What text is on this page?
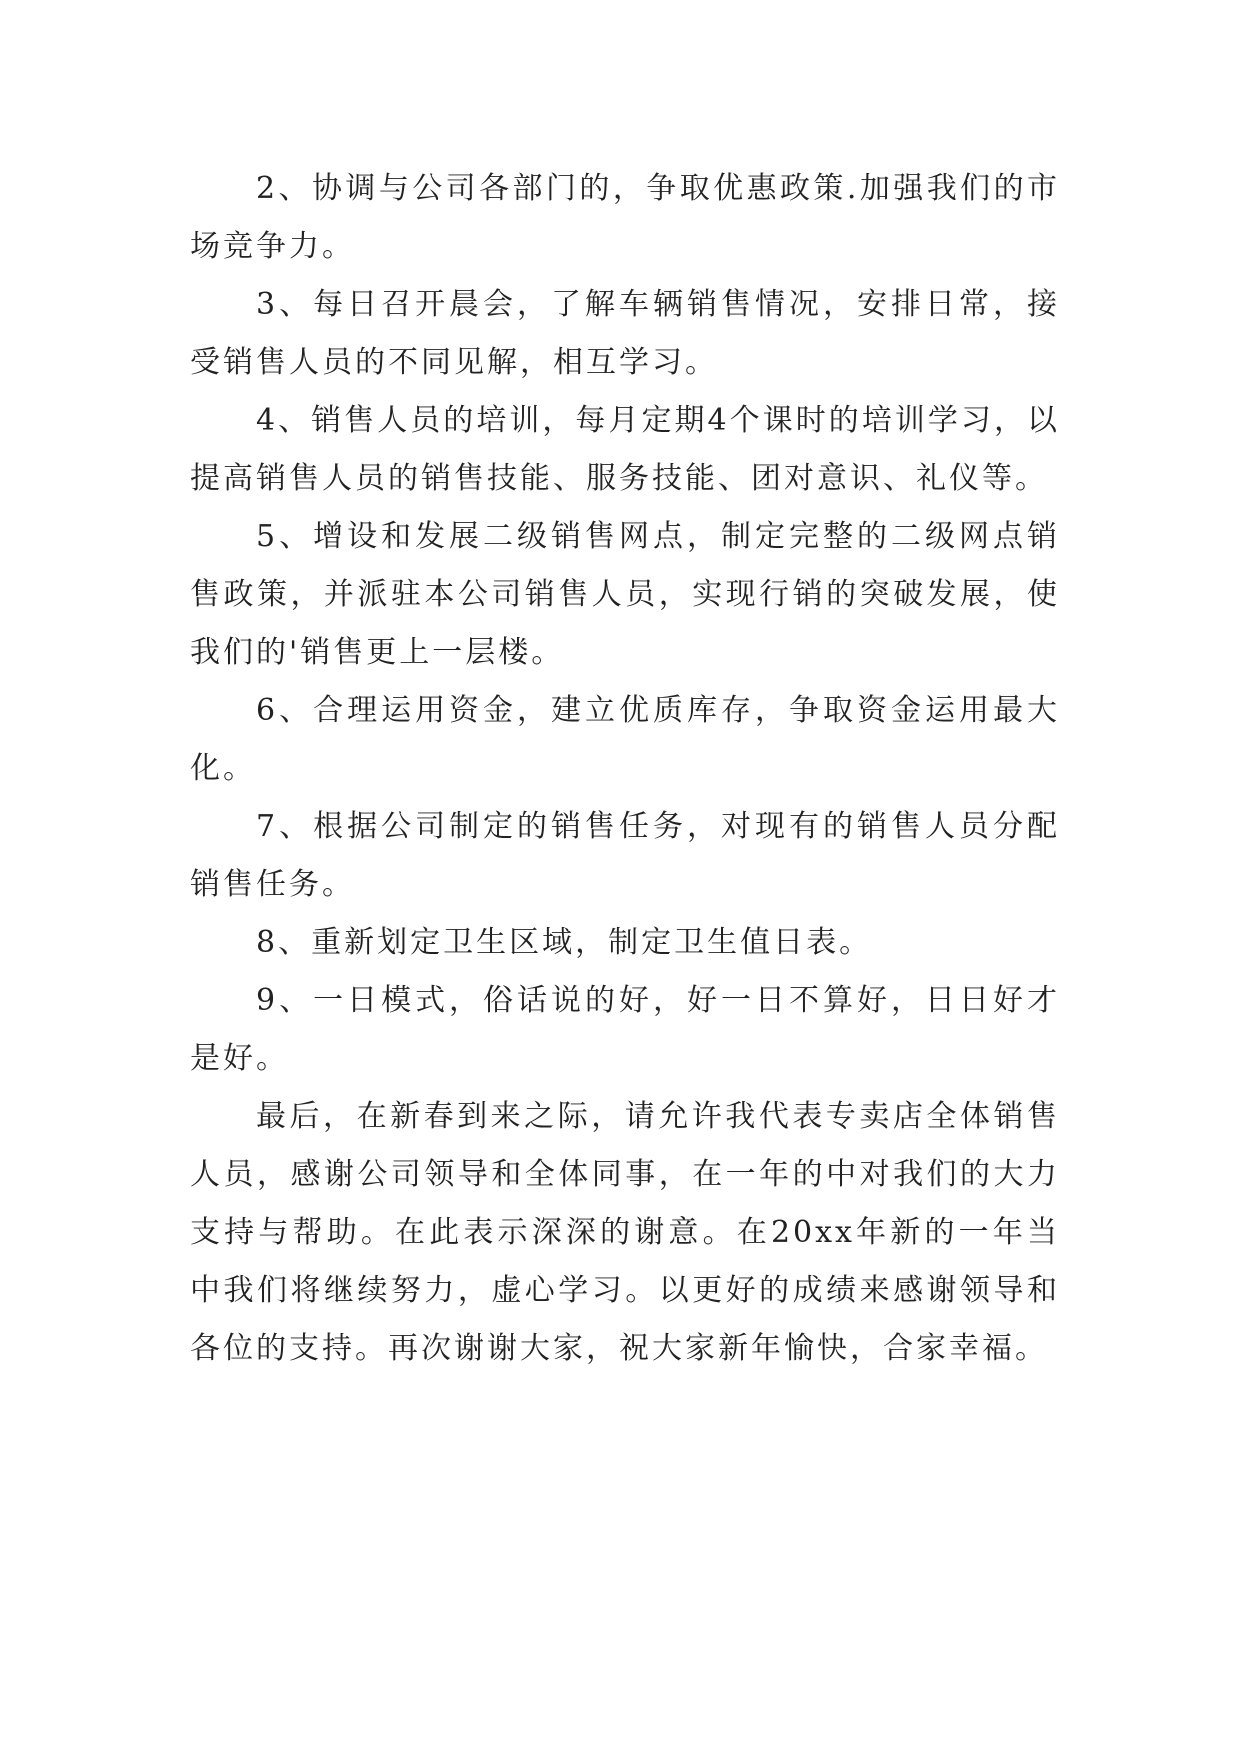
2、协调与公司各部门的，争取优惠政策.加强我们的市场竞争力。

3、每日召开晨会，了解车辆销售情况，安排日常，接受销售人员的不同见解，相互学习。

4、销售人员的培训，每月定期4个课时的培训学习，以提高销售人员的销售技能、服务技能、团对意识、礼仪等。

5、增设和发展二级销售网点，制定完整的二级网点销售政策，并派驻本公司销售人员，实现行销的突破发展，使我们的'销售更上一层楼。

6、合理运用资金，建立优质库存，争取资金运用最大化。

7、根据公司制定的销售任务，对现有的销售人员分配销售任务。

8、重新划定卫生区域，制定卫生值日表。

9、一日模式，俗话说的好，好一日不算好，日日好才是好。

最后，在新春到来之际，请允许我代表专卖店全体销售人员，感谢公司领导和全体同事，在一年的中对我们的大力支持与帮助。在此表示深深的谢意。在20xx年新的一年当中我们将继续努力，虚心学习。以更好的成绩来感谢领导和各位的支持。再次谢谢大家，祝大家新年愉快，合家幸福。
